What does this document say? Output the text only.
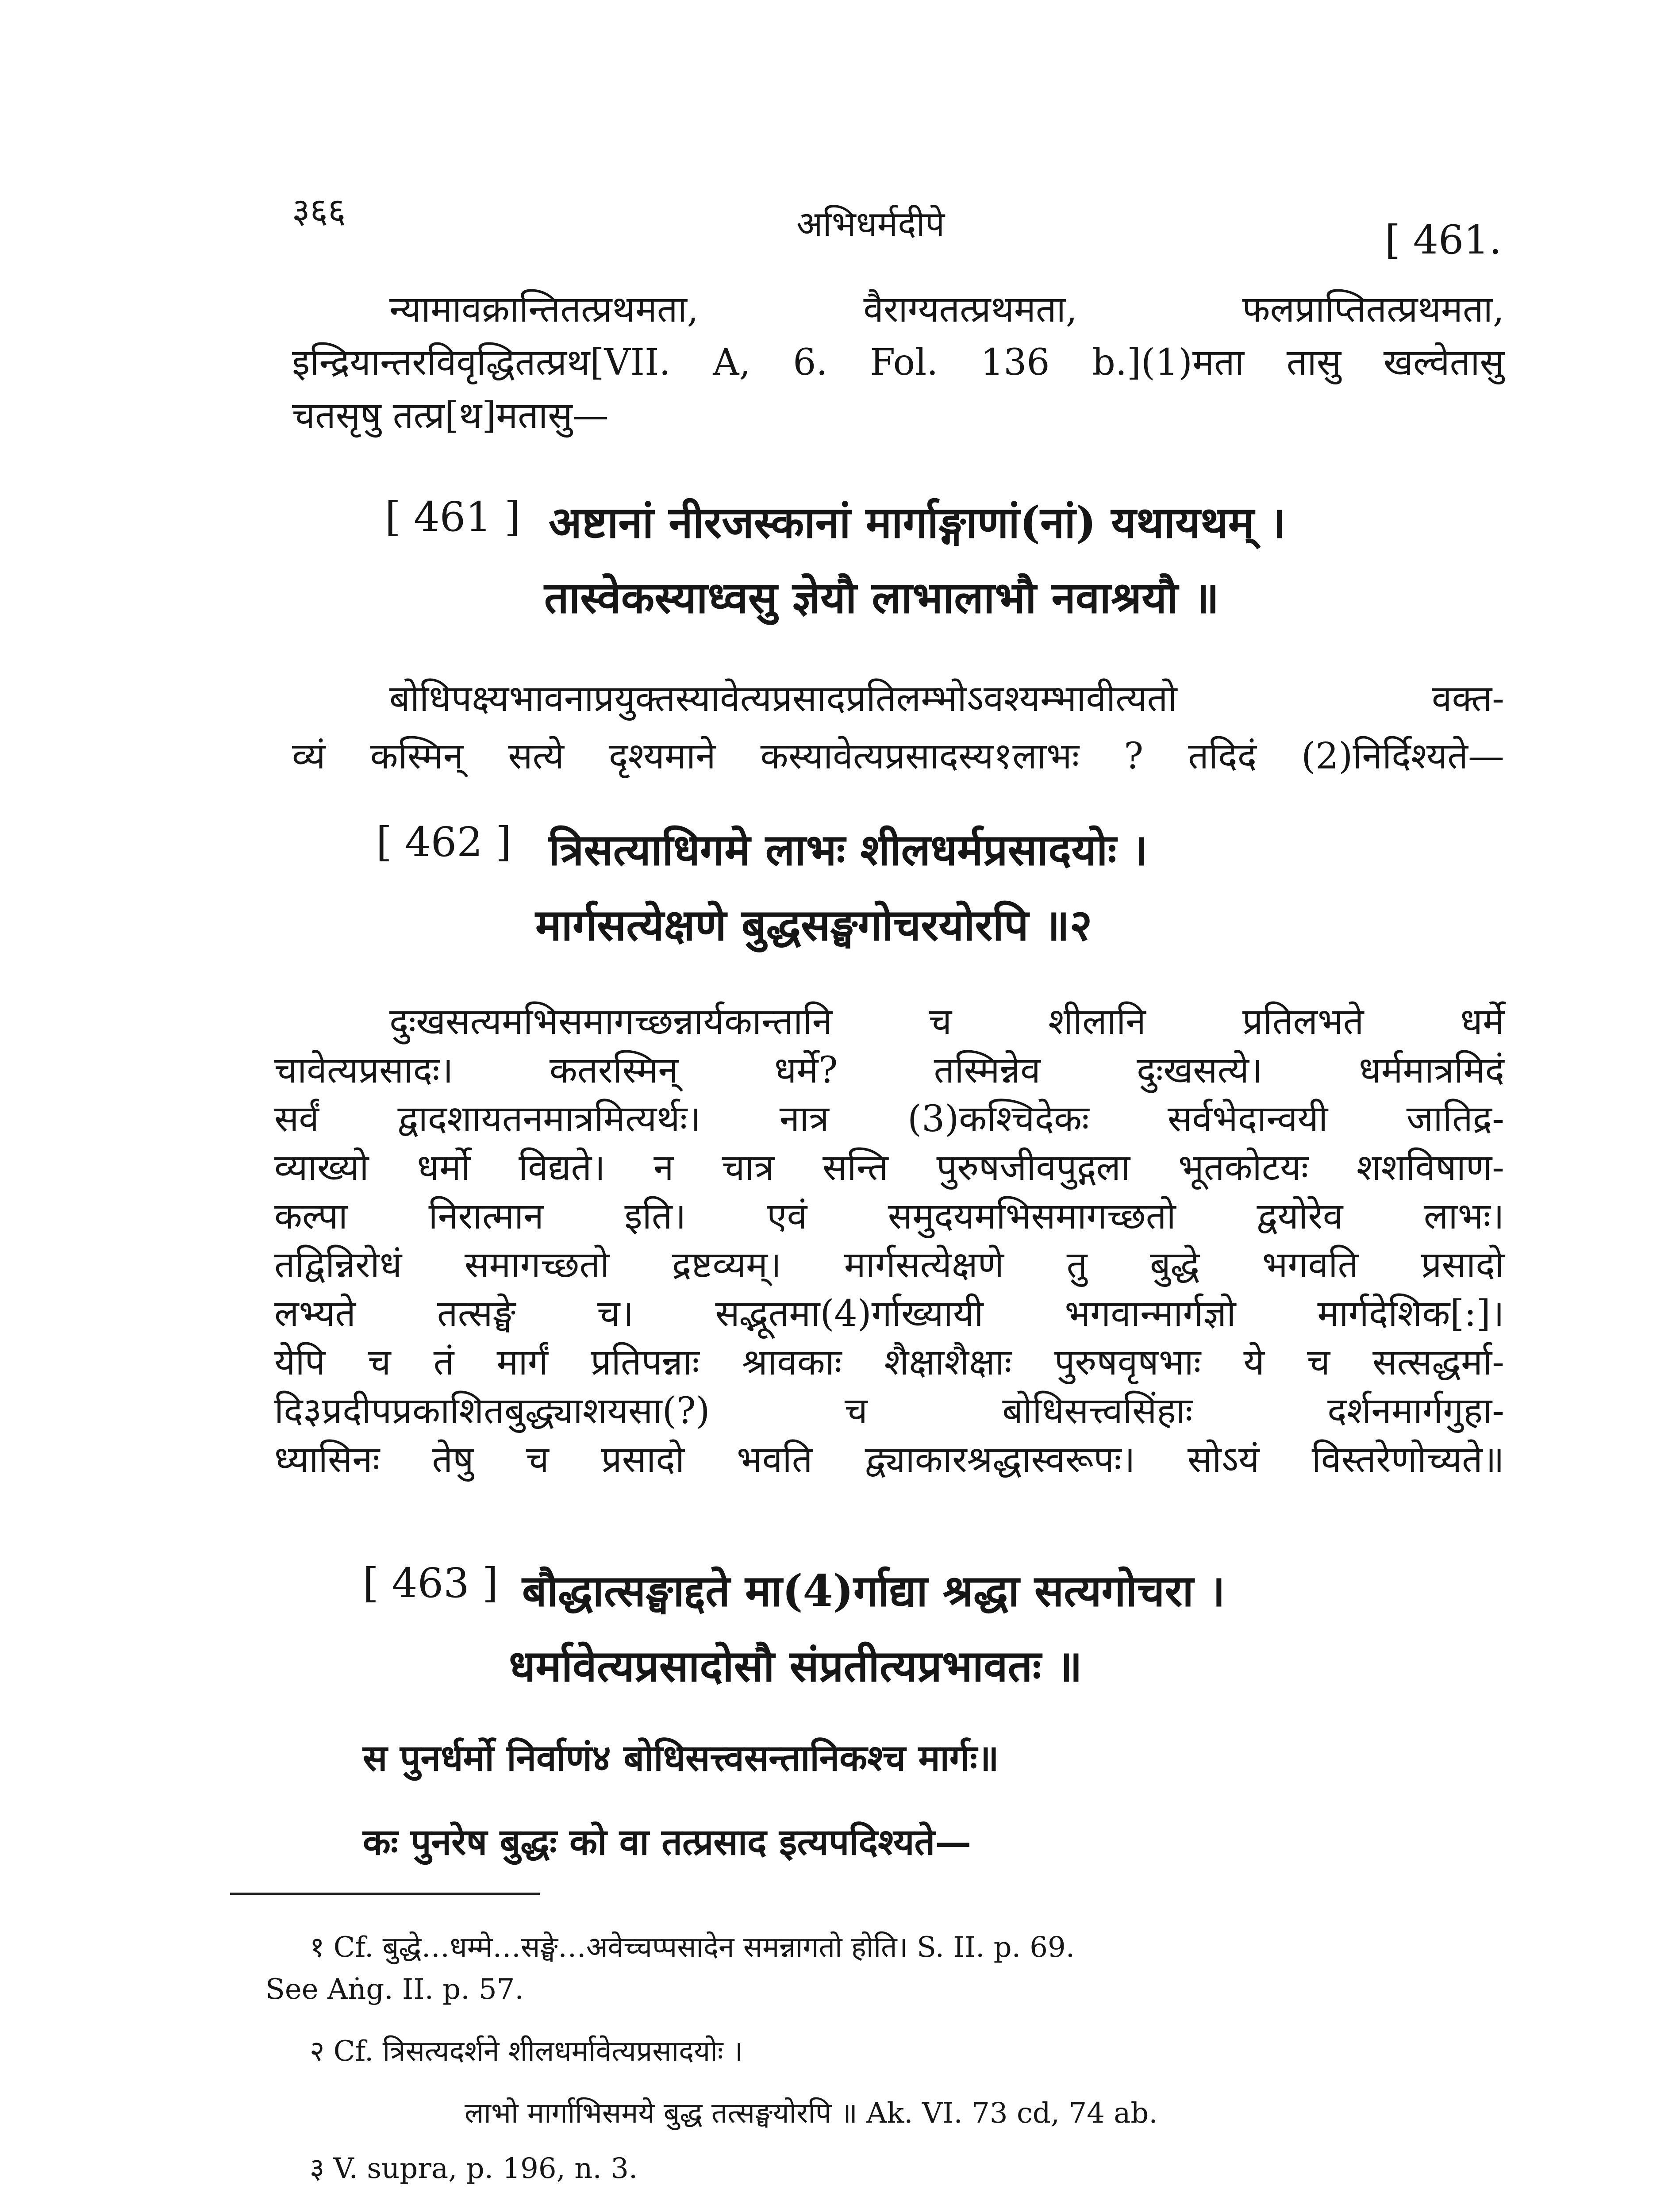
३६६	अभिधर्मदीपे	[ 461.
न्यामावक्रान्तितत्प्रथमता, वैराग्यतत्प्रथमता, फलप्राप्तितत्प्रथमता,
इन्द्रियान्तरविवृद्धितत्प्रथ[VII. A, 6. Fol. 136 b.](1)मता तासु खल्वेतासु
चतसृषु तत्प्र[थ]मतासु—
[ 461 ] अष्टानां नीरजस्कानां मार्गाङ्गाणां(नां) यथायथम् ।
तास्वेकस्याध्वसु ज्ञेयौ लाभालाभौ नवाश्रयौ ॥
बोधिपक्ष्यभावनाप्रयुक्तस्यावेत्यप्रसादप्रतिलम्भोऽवश्यम्भावीत्यतो वक्त-
व्यं कस्मिन् सत्ये दृश्यमाने कस्यावेत्यप्रसादस्य१लाभः ? तदिदं (2)निर्दिश्यते—
[ 462 ] त्रिसत्याधिगमे लाभः शीलधर्मप्रसादयोः ।
मार्गसत्येक्षणे बुद्धसङ्घगोचरयोरपि ॥२
दुःखसत्यमभिसमागच्छन्नार्यकान्तानि च शीलानि प्रतिलभते धर्मे
चावेत्यप्रसादः। कतरस्मिन् धर्मे? तस्मिन्नेव दुःखसत्ये। धर्ममात्रमिदं
सर्वं द्वादशायतनमात्रमित्यर्थः। नात्र (3)कश्चिदेकः सर्वभेदान्वयी जातिद्र-
व्याख्यो धर्मो विद्यते। न चात्र सन्ति पुरुषजीवपुद्गला भूतकोटयः शशविषाण-
कल्पा निरात्मान इति। एवं समुदयमभिसमागच्छतो द्वयोरेव लाभः।
तद्विन्निरोधं समागच्छतो द्रष्टव्यम्। मार्गसत्येक्षणे तु बुद्धे भगवति प्रसादो
लभ्यते तत्सङ्घे च। सद्भूतमा(4)र्गाख्यायी भगवान्मार्गज्ञो मार्गदेशिक[:]।
येपि च तं मार्गं प्रतिपन्नाः श्रावकाः शैक्षाशैक्षाः पुरुषवृषभाः ये च सत्सद्धर्मा-
दि३प्रदीपप्रकाशितबुद्ध्याशयसा(?) च बोधिसत्त्वसिंहाः दर्शनमार्गगुहा-
ध्यासिनः तेषु च प्रसादो भवति द्व्याकारश्रद्धास्वरूपः। सोऽयं विस्तरेणोच्यते॥
[ 463 ] बौद्धात्सङ्घाद्दते मा(4)र्गाद्या श्रद्धा सत्यगोचरा ।
धर्मावेत्यप्रसादोसौ संप्रतीत्यप्रभावतः ॥
स पुनर्धर्मो निर्वाणं४ बोधिसत्त्वसन्तानिकश्च मार्गः॥
कः पुनरेष बुद्धः को वा तत्प्रसाद इत्यपदिश्यते—
१ Cf. बुद्धे…धम्मे…सङ्घे…अवेच्चप्पसादेन समन्नागतो होति। S. II. p. 69.
See Aṅg. II. p. 57.
२ Cf. त्रिसत्यदर्शने शीलधर्मावेत्यप्रसादयोः ।
लाभो मार्गाभिसमये बुद्ध तत्सङ्घयोरपि ॥ Ak. VI. 73 cd, 74 ab.
३ V. supra, p. 196, n. 3.
